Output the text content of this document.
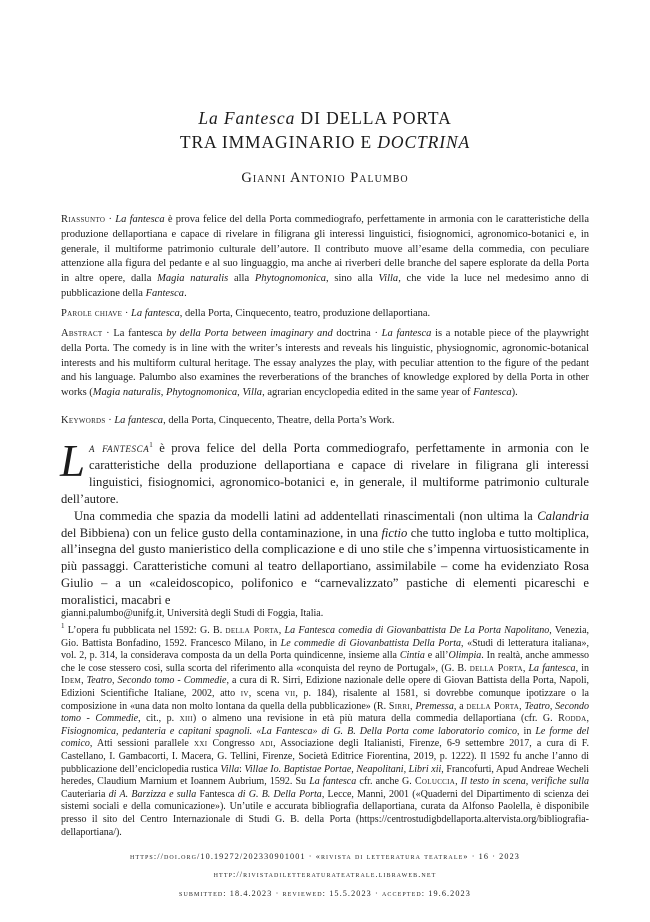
La Fantesca DI DELLA PORTA
TRA IMMAGINARIO E DOCTRINA
Gianni Antonio Palumbo
Riassunto · La fantesca è prova felice del della Porta commediografo, perfettamente in armonia con le caratteristiche della produzione dellaportiana e capace di rivelare in filigrana gli interessi linguistici, fisiognomici, agronomico-botanici e, in generale, il multiforme patrimonio culturale dell’autore. Il contributo muove all’esame della commedia, con peculiare attenzione alla figura del pedante e al suo linguaggio, ma anche ai riverberi delle branche del sapere esplorate da della Porta in altre opere, dalla Magia naturalis alla Phytognomonica, sino alla Villa, che vide la luce nel medesimo anno di pubblicazione della Fantesca.
Parole chiave · La fantesca, della Porta, Cinquecento, teatro, produzione dellaportiana.
Abstract · La fantesca by della Porta between imaginary and doctrina · La fantesca is a notable piece of the playwright della Porta. The comedy is in line with the writer’s interests and reveals his linguistic, physiognomic, agronomic-botanical interests and his multiform cultural heritage. The essay analyzes the play, with peculiar attention to the figure of the pedant and his language. Palumbo also examines the reverberations of the branches of knowledge explored by della Porta in other works (Magia naturalis, Phytognomonica, Villa, agrarian encyclopedia edited in the same year of Fantesca).
Keywords · La fantesca, della Porta, Cinquecento, Theatre, della Porta’s Work.

La fantesca$^1$ è prova felice del della Porta commediografo, perfettamente in armonia con le caratteristiche della produzione dellaportiana e capace di rivelare in filigrana gli interessi linguistici, fisiognomici, agronomico-botanici e, in generale, il multiforme patrimonio culturale dell’autore.

Una commedia che spazia da modelli latini ad addentellati rinascimentali (non ultima la Calandria del Bibbiena) con un felice gusto della contaminazione, in una fictio che tutto ingloba e tutto moltiplica, all’insegna del gusto manieristico della complicazione e di uno stile che s’impenna virtuosisticamente in più passaggi. Caratteristiche comuni al teatro dellaportiano, assimilabile – come ha evidenziato Rosa Giulio – a un «caleidoscopico, polifonico e “carnevalizzato” pastiche di elementi picareschi e moralistici, macabri e

gianni.palumbo@unifg.it, Università degli Studi di Foggia, Italia.
$^1$ L’opera fu pubblicata nel 1592: G. B. della Porta, La Fantesca comedia di Giovanbattista De La Porta Napolitano, Venezia, Gio. Battista Bonfadino, 1592. Francesco Milano, in Le commedie di Giovanbattista Della Porta, «Studi di letteratura italiana», vol. 2, p. 314, la considerava composta da un della Porta quindicenne, insieme alla Cintia e all’Olimpia. In realtà, anche ammesso che le cose stessero così, sulla scorta del riferimento alla «conquista del reyno de Portugal», (G. B. della Porta, La fantesca, in Idem, Teatro, Secondo tomo - Commedie, a cura di R. Sirri, Edizione nazionale delle opere di Giovan Battista della Porta, Napoli, Edizioni Scientifiche Italiane, 2002, atto iv, scena vii, p. 184), risalente al 1581, si dovrebbe comunque ipotizzare o la composizione in «una data non molto lontana da quella della pubblicazione» (R. Sirri, Premessa, a della Porta, Teatro, Secondo tomo - Commedie, cit., p. xiii) o almeno una revisione in età più matura della commedia dellaportiana (cfr. G. Rodda, Fisiognomica, pedanteria e capitani spagnoli. «La Fantesca» di G. B. Della Porta come laboratorio comico, in Le forme del comico, Atti sessioni parallele xxi Congresso adi, Associazione degli Italianisti, Firenze, 6-9 settembre 2017, a cura di F. Castellano, I. Gambacorti, I. Macera, G. Tellini, Firenze, Società Editrice Fiorentina, 2019, p. 1222). Il 1592 fu anche l’anno di pubblicazione dell’enciclopedia rustica Villa: Villae Io. Baptistae Portae, Neapolitani, Libri xii, Francofurti, Apud Andreae Wecheli heredes, Claudium Marnium et Ioannem Aubrium, 1592. Su La fantesca cfr. anche G. Coluccia, Il testo in scena, verifiche sulla Cauteriaria di A. Barzizza e sulla Fantesca di G. B. Della Porta, Lecce, Manni, 2001 («Quaderni del Dipartimento di scienza dei sistemi sociali e della comunicazione»). Un’utile e accurata bibliografia dellaportiana, curata da Alfonso Paolella, è disponibile presso il sito del Centro Internazionale di Studi G. B. della Porta (https://centrostudigbdellaporta.altervista.org/bibliografia-dellaportiana/).
https://doi.org/10.19272/202330901001 · «rivista di letteratura teatrale» · 16 · 2023
http://rivistadiletteraturateatrale.libraweb.net
submitted: 18.4.2023 · reviewed: 15.5.2023 · accepted: 19.6.2023
